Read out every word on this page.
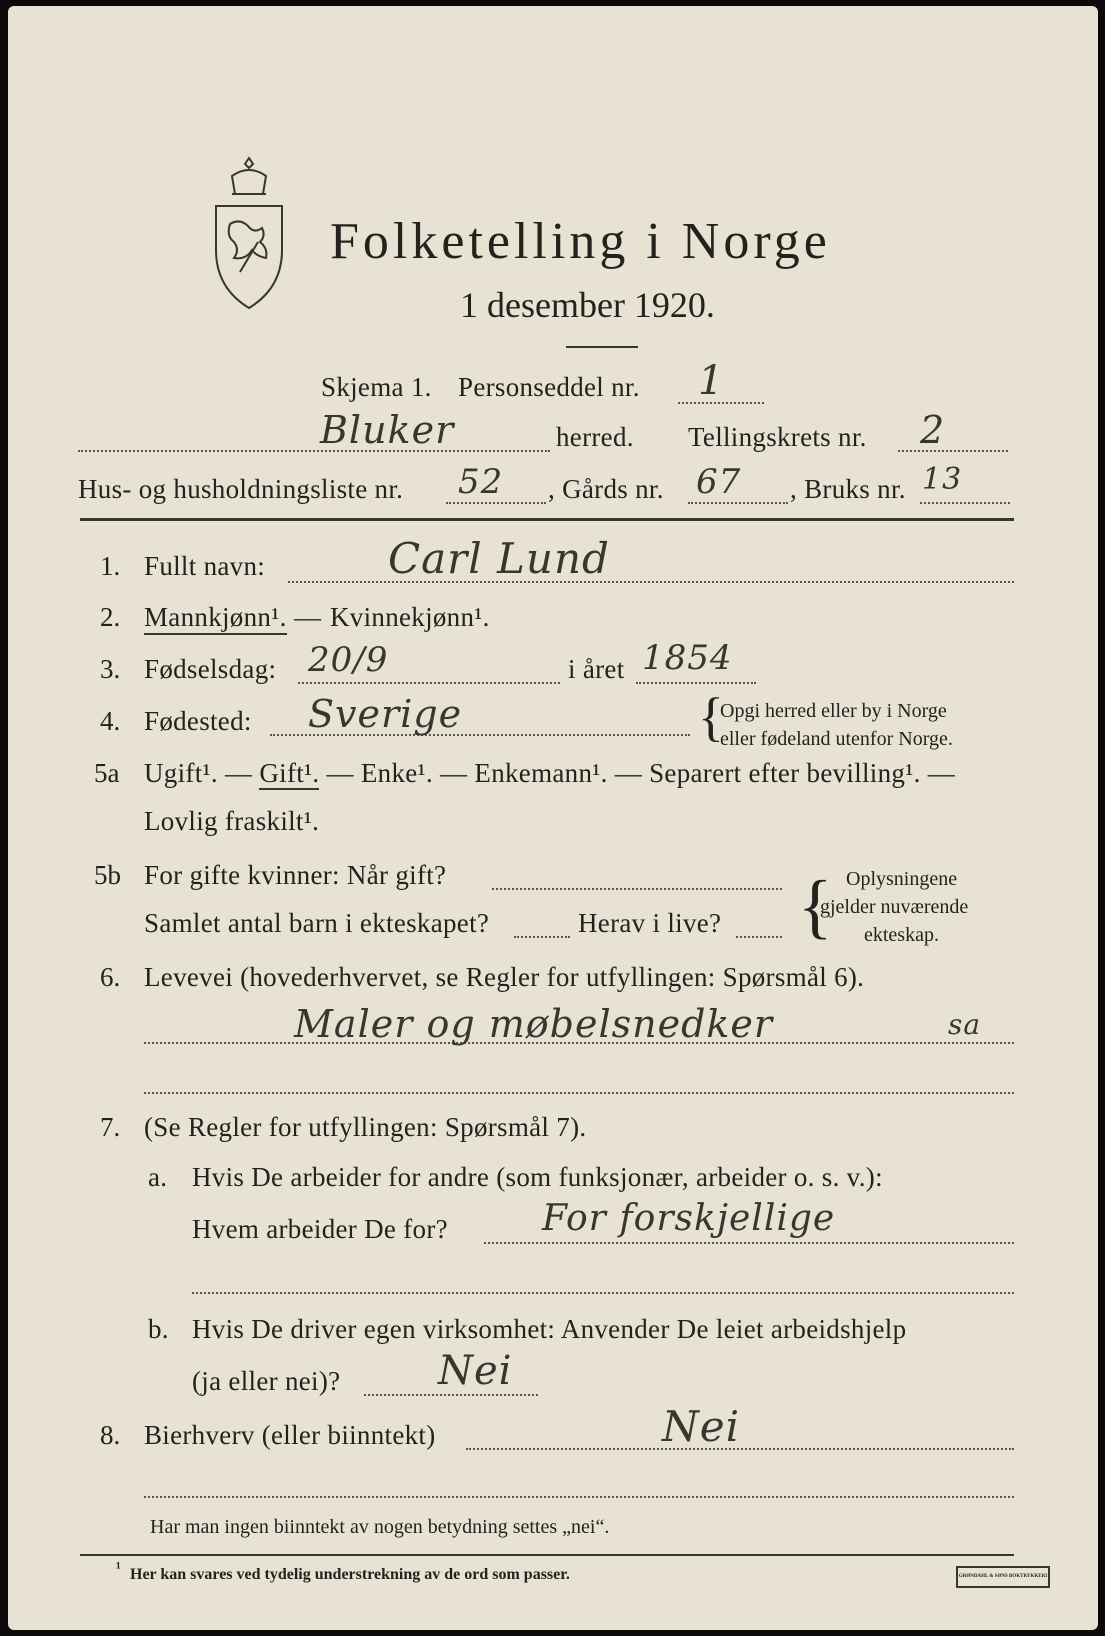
Folketelling i Norge
1 desember 1920.
Skjema 1. Personseddel nr. 1
Bluker	herred. Tellingskrets nr. 2
Hus- og husholdningsliste nr. 52 , Gårds nr. 67 , Bruks nr. 13
1. Fullt navn:	Carl Lund
2. Mannkjønn¹. — Kvinnekjønn¹.
3. Fødselsdag: 20/9	i året 1854
4. Fødested: Sverige	{
Opgi herred eller by i Norge
eller fødeland utenfor Norge.
5a Ugift¹. — Gift¹. — Enke¹. — Enkemann¹. — Separert efter bevilling¹. —
Lovlig fraskilt¹.
5b For gifte kvinner: Når gift?
Samlet antal barn i ekteskapet?	Herav i live? { Oplysningene
gjelder nuværende
ekteskap.
6. Levevei (hovederhvervet, se Regler for utfyllingen: Spørsmål 6).
Maler og møbelsnedker	sa
7. (Se Regler for utfyllingen: Spørsmål 7).
a. Hvis De arbeider for andre (som funksjonær, arbeider o. s. v.):
Hvem arbeider De for?	For forskjellige
b. Hvis De driver egen virksomhet: Anvender De leiet arbeidshjelp
(ja eller nei)? Nei
8. Bierhverv (eller biinntekt)	Nei
Har man ingen biinntekt av nogen betydning settes „nei“.
¹ Her kan svares ved tydelig understrekning av de ord som passer.	GRØNDAHL & SØNS BOKTRYKKERI
